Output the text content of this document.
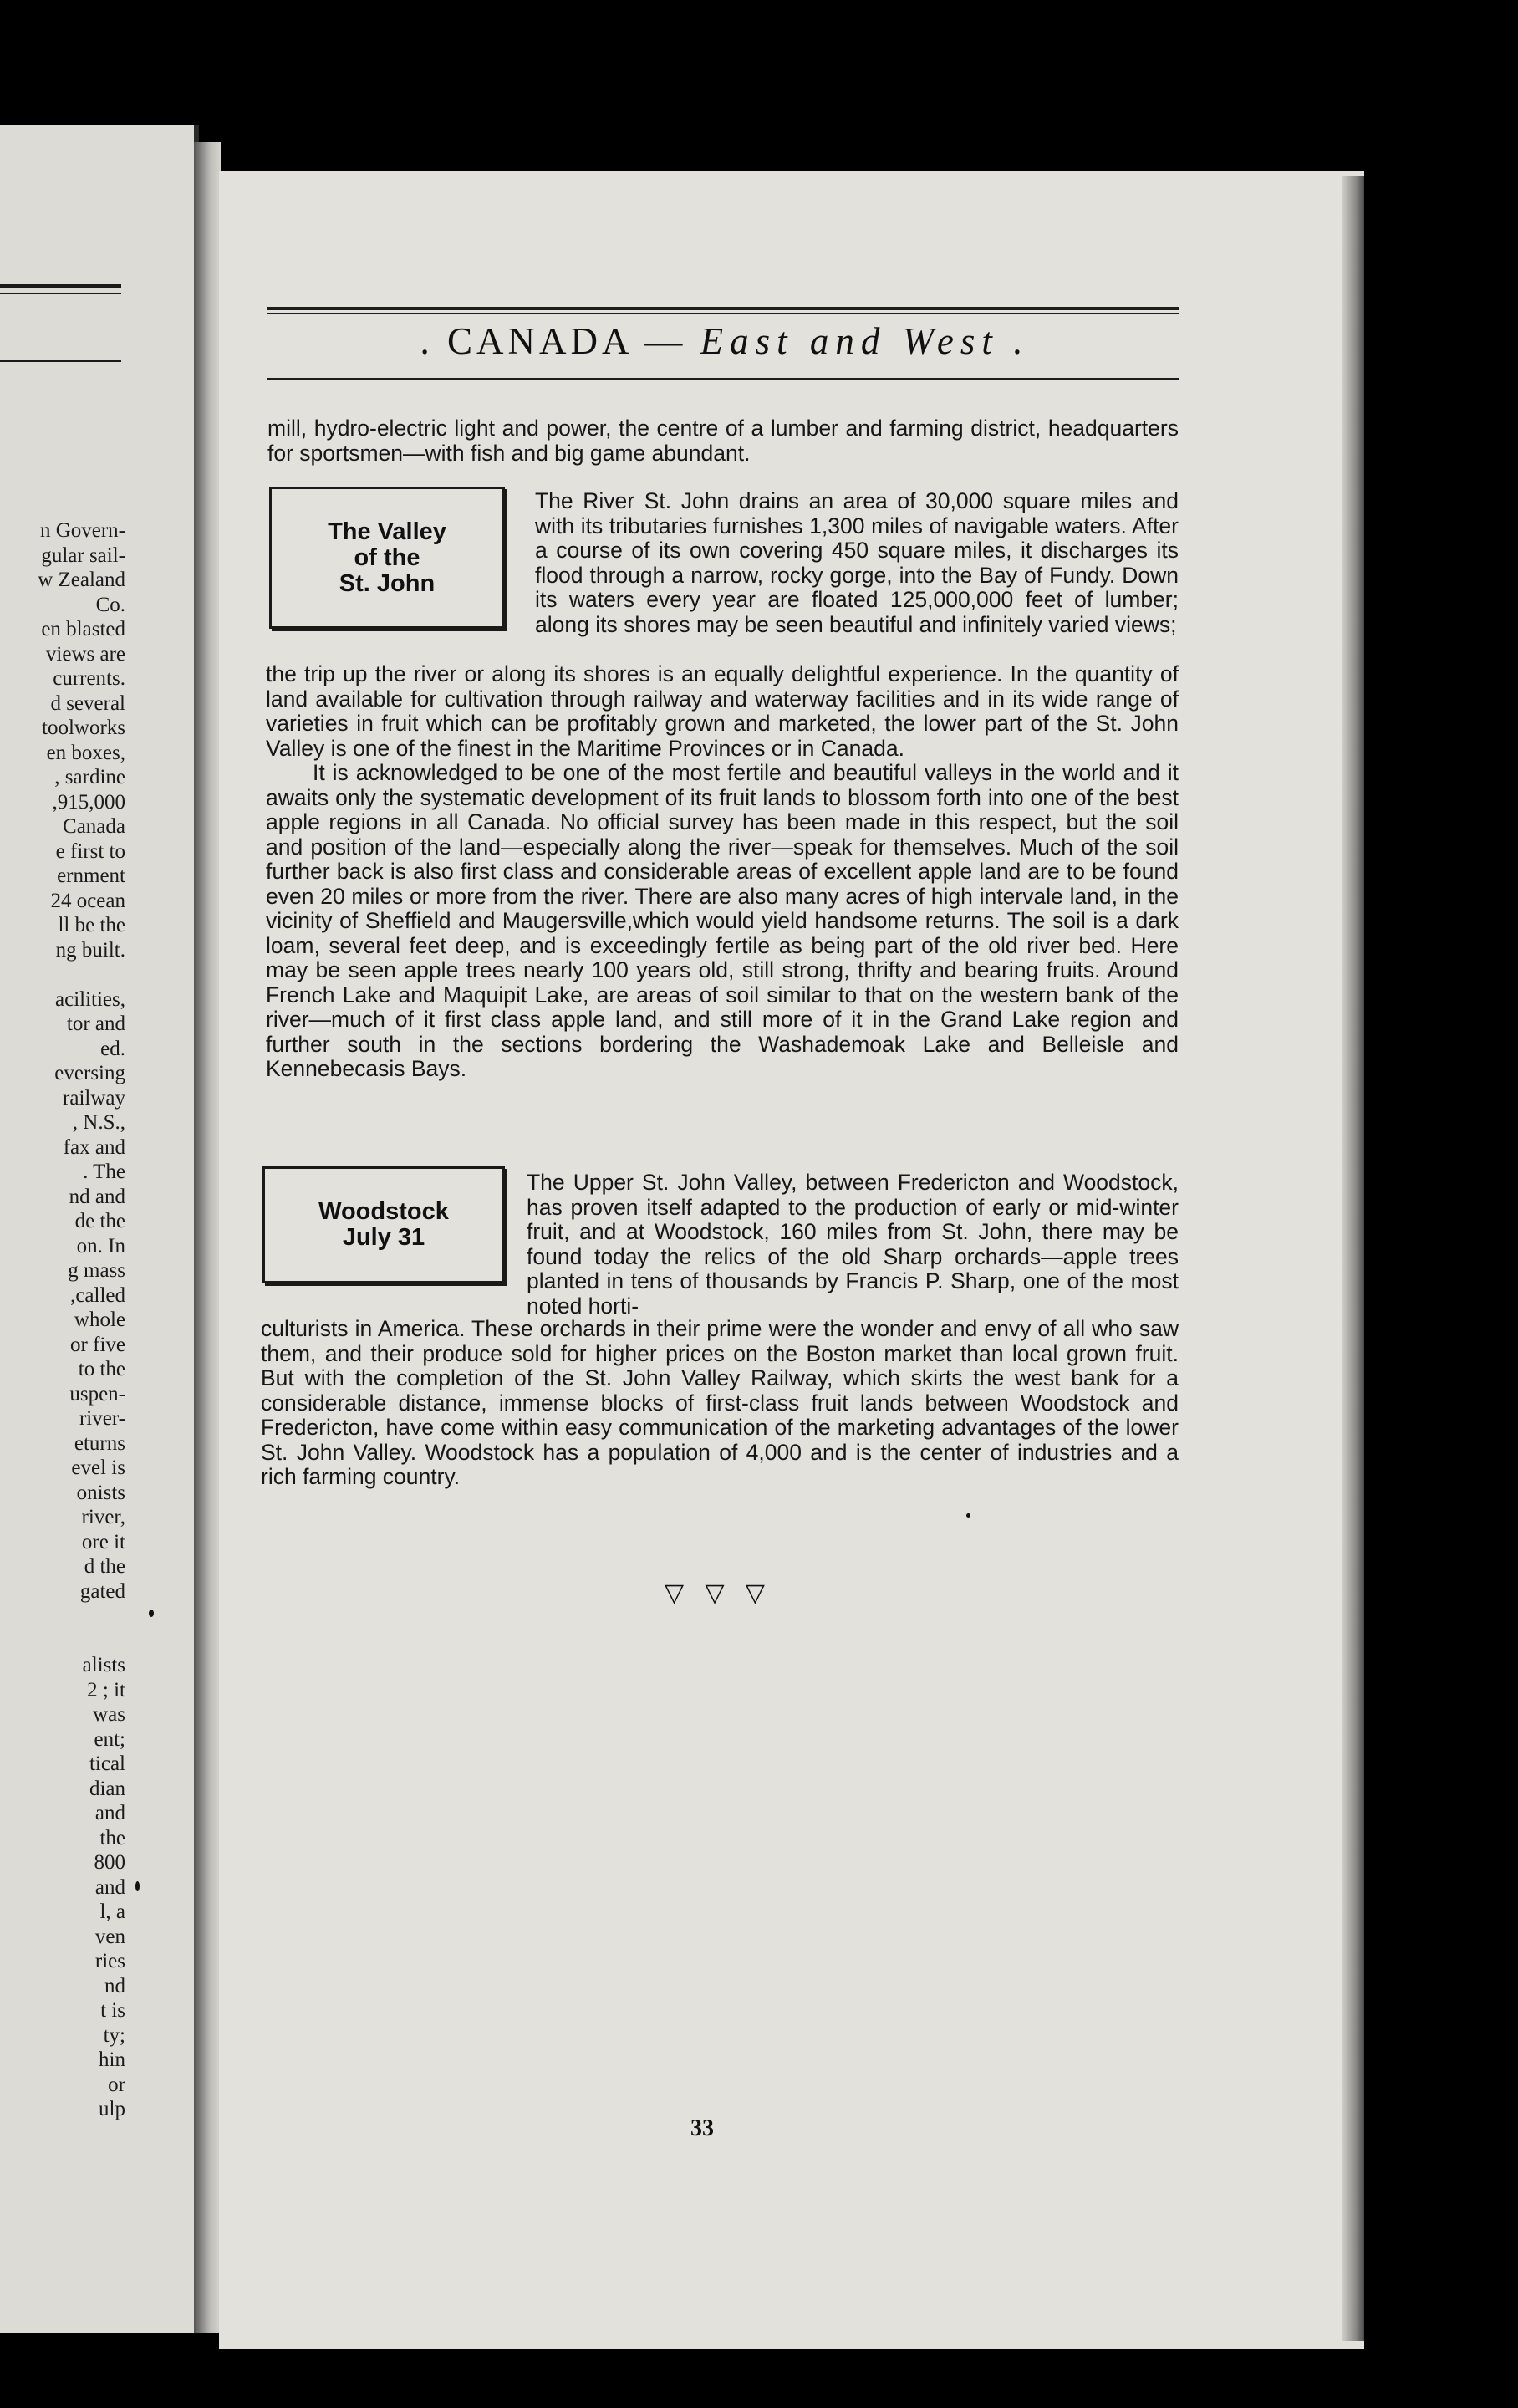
n Govern-
gular sail-
w Zealand
Co.
en blasted
views are
currents.
d several
toolworks
en boxes,
, sardine
,915,000
Canada
e first to
ernment
24 ocean
ll be the
ng built.
acilities,
tor and
ed.
eversing
railway
, N.S.,
fax and
. The
nd and
de the
on. In
g mass
,called
whole
or five
to the
uspen-
river-
eturns
evel is
onists
river,
ore it
d the
gated
alists
2 ; it
was
ent;
tical
dian
and
the
800
and
l, a
ven
ries
nd
t is
ty;
hin
or
ulp
. CANADA — East and West .

mill, hydro-electric light and power, the centre of a lumber and farming district, headquarters for sportsmen—with fish and big game abundant.

The Valley
of the
St. John

The River St. John drains an area of 30,000 square miles and with its tributaries furnishes 1,300 miles of navigable waters. After a course of its own covering 450 square miles, it discharges its flood through a narrow, rocky gorge, into the Bay of Fundy. Down its waters every year are floated 125,000,000 feet of lumber; along its shores may be seen beautiful and infinitely varied views;

the trip up the river or along its shores is an equally delightful experience. In the quantity of land available for cultivation through railway and waterway facilities and in its wide range of varieties in fruit which can be profitably grown and marketed, the lower part of the St. John Valley is one of the finest in the Maritime Provinces or in Canada.

It is acknowledged to be one of the most fertile and beautiful valleys in the world and it awaits only the systematic development of its fruit lands to blossom forth into one of the best apple regions in all Canada. No official survey has been made in this respect, but the soil and position of the land—especially along the river—speak for themselves. Much of the soil further back is also first class and considerable areas of excellent apple land are to be found even 20 miles or more from the river. There are also many acres of high intervale land, in the vicinity of Sheffield and Maugersville,which would yield handsome returns. The soil is a dark loam, several feet deep, and is exceedingly fertile as being part of the old river bed. Here may be seen apple trees nearly 100 years old, still strong, thrifty and bearing fruits. Around French Lake and Maquipit Lake, are areas of soil similar to that on the western bank of the river—much of it first class apple land, and still more of it in the Grand Lake region and further south in the sections bordering the Washademoak Lake and Belleisle and Kennebecasis Bays.

Woodstock
July 31

The Upper St. John Valley, between Fredericton and Woodstock, has proven itself adapted to the production of early or mid-winter fruit, and at Woodstock, 160 miles from St. John, there may be found today the relics of the old Sharp orchards—apple trees planted in tens of thousands by Francis P. Sharp, one of the most noted horti-

culturists in America. These orchards in their prime were the wonder and envy of all who saw them, and their produce sold for higher prices on the Boston market than local grown fruit. But with the completion of the St. John Valley Railway, which skirts the west bank for a considerable distance, immense blocks of first-class fruit lands between Woodstock and Fredericton, have come within easy communication of the marketing advantages of the lower St. John Valley. Woodstock has a population of 4,000 and is the center of industries and a rich farming country.

▽ ▽ ▽
33
